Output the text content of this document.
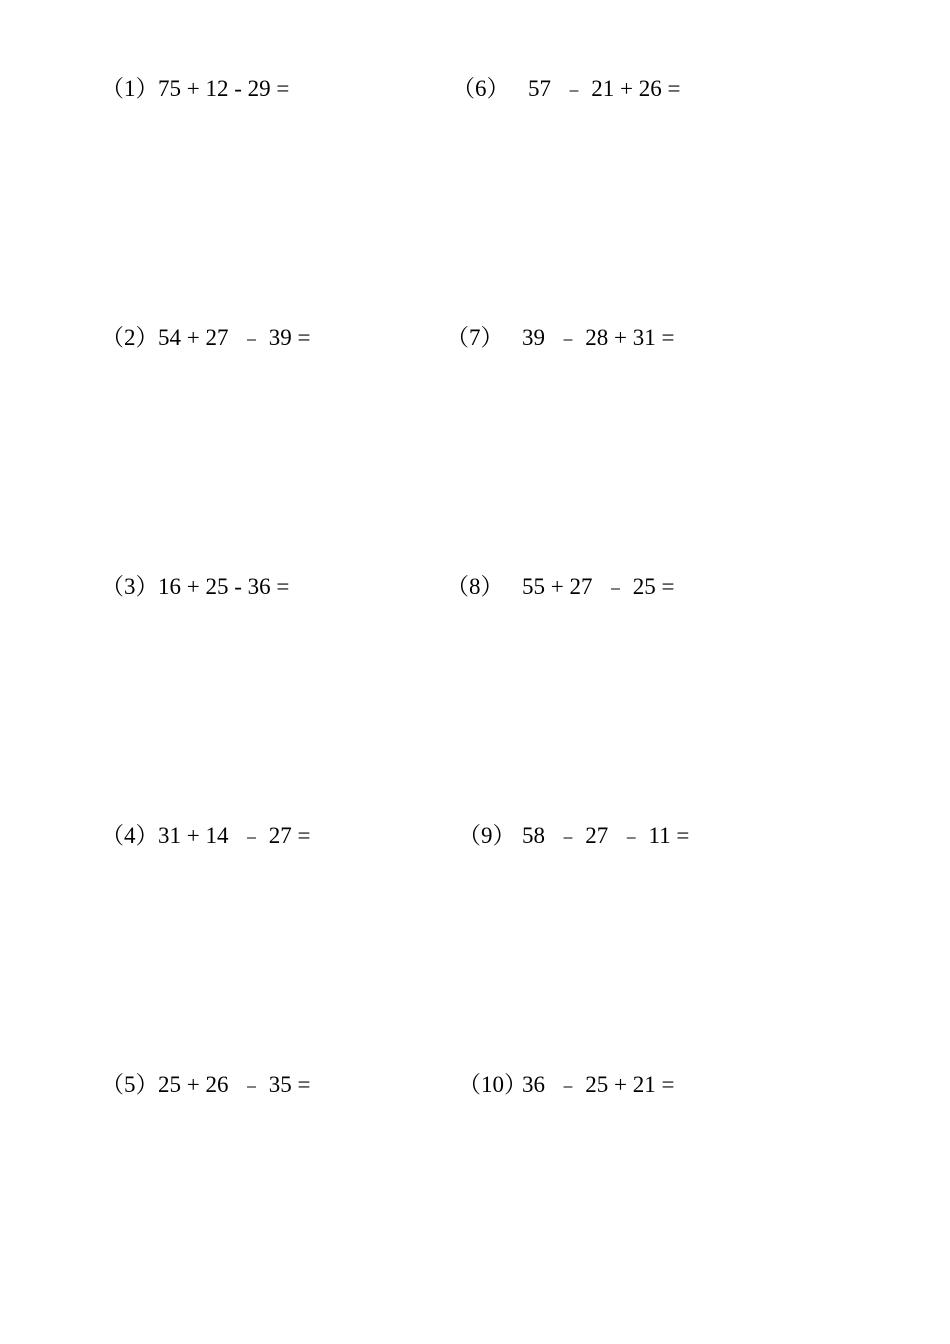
（1）

75 + 12 - 29 =

（2）

54 + 27  ﹣ 39 =

（3）

16 + 25 - 36 =

（4）

31 + 14  ﹣ 27 =

（5）

25 + 26  ﹣ 35 =

（6）

57  ﹣ 21 + 26 =

（7）

39  ﹣ 28 + 31 =

（8）

55 + 27  ﹣ 25 =

（9）

58  ﹣ 27  ﹣ 11 =

（10）

36  ﹣ 25 + 21 =
